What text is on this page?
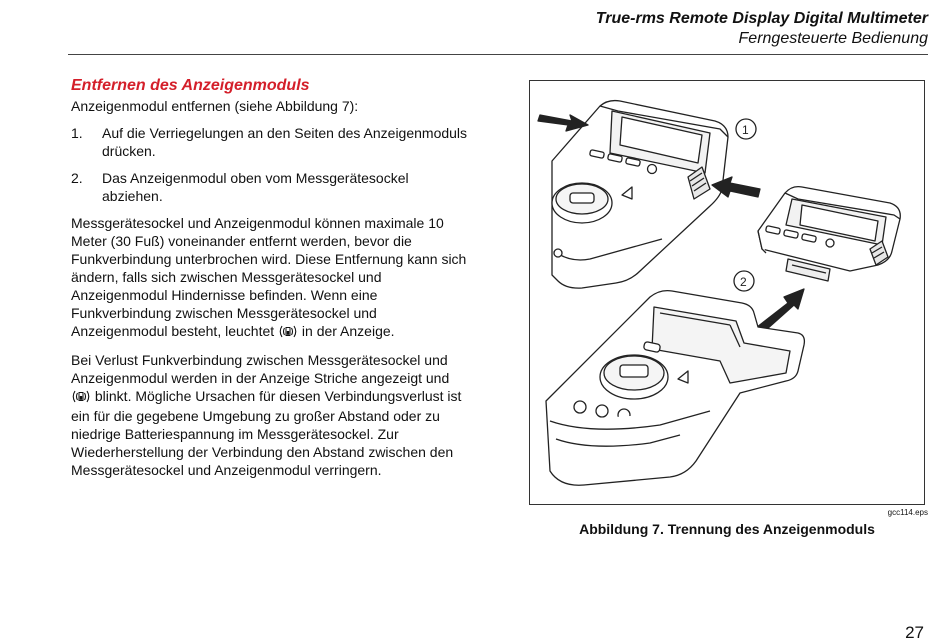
True-rms Remote Display Digital Multimeter
Ferngesteuerte Bedienung
Entfernen des Anzeigenmoduls

Anzeigenmodul entfernen (siehe Abbildung 7):

1. Auf die Verriegelungen an den Seiten des Anzeigenmoduls drücken.
2. Das Anzeigenmodul oben vom Messgerätesockel abziehen.

Messgerätesockel und Anzeigenmodul können maximale 10 Meter (30 Fuß) voneinander entfernt werden, bevor die Funkverbindung unterbrochen wird. Diese Entfernung kann sich ändern, falls sich zwischen Messgerätesockel und Anzeigenmodul Hindernisse befinden. Wenn eine Funkverbindung zwischen Messgerätesockel und Anzeigenmodul besteht, leuchtet in der Anzeige.

Bei Verlust Funkverbindung zwischen Messgerätesockel und Anzeigenmodul werden in der Anzeige Striche angezeigt und  blinkt. Mögliche Ursachen für diesen Verbindungsverlust ist ein für die gegebene Umgebung zu großer Abstand oder zu niedrige Batteriespannung im Messgerätesockel. Zur Wiederherstellung der Verbindung den Abstand zwischen den Messgerätesockel und Anzeigenmodul verringern.

1
2
gcc114.eps
Abbildung 7. Trennung des Anzeigenmoduls
27
